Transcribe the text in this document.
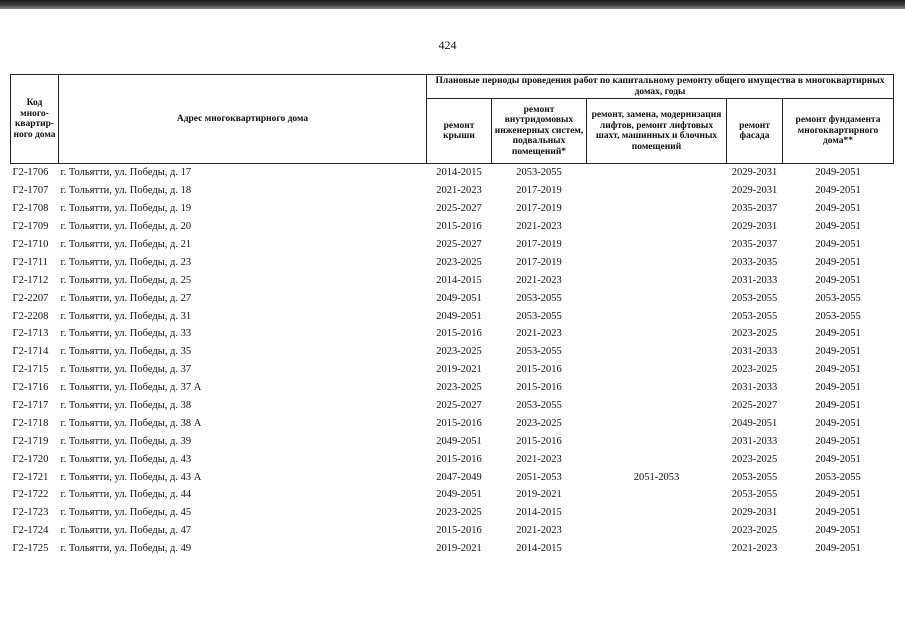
424
Код много-квартир-ного дома	Адрес многоквартирного дома	Плановые периоды проведения работ по капитальному ремонту общего имущества в многоквартирных домах, годы				
		ремонт крыши	ремонт внутридомовых инженерных систем, подвальных помещений*	ремонт, замена, модернизация лифтов, ремонт лифтовых шахт, машинных и блочных помещений	ремонт фасада	ремонт фундамента многоквартирного дома**
Г2-1706	г. Тольятти, ул. Победы, д. 17	2014-2015	2053-2055		2029-2031	2049-2051
Г2-1707	г. Тольятти, ул. Победы, д. 18	2021-2023	2017-2019		2029-2031	2049-2051
Г2-1708	г. Тольятти, ул. Победы, д. 19	2025-2027	2017-2019		2035-2037	2049-2051
Г2-1709	г. Тольятти, ул. Победы, д. 20	2015-2016	2021-2023		2029-2031	2049-2051
Г2-1710	г. Тольятти, ул. Победы, д. 21	2025-2027	2017-2019		2035-2037	2049-2051
Г2-1711	г. Тольятти, ул. Победы, д. 23	2023-2025	2017-2019		2033-2035	2049-2051
Г2-1712	г. Тольятти, ул. Победы, д. 25	2014-2015	2021-2023		2031-2033	2049-2051
Г2-2207	г. Тольятти, ул. Победы, д. 27	2049-2051	2053-2055		2053-2055	2053-2055
Г2-2208	г. Тольятти, ул. Победы, д. 31	2049-2051	2053-2055		2053-2055	2053-2055
Г2-1713	г. Тольятти, ул. Победы, д. 33	2015-2016	2021-2023		2023-2025	2049-2051
Г2-1714	г. Тольятти, ул. Победы, д. 35	2023-2025	2053-2055		2031-2033	2049-2051
Г2-1715	г. Тольятти, ул. Победы, д. 37	2019-2021	2015-2016		2023-2025	2049-2051
Г2-1716	г. Тольятти, ул. Победы, д. 37 А	2023-2025	2015-2016		2031-2033	2049-2051
Г2-1717	г. Тольятти, ул. Победы, д. 38	2025-2027	2053-2055		2025-2027	2049-2051
Г2-1718	г. Тольятти, ул. Победы, д. 38 А	2015-2016	2023-2025		2049-2051	2049-2051
Г2-1719	г. Тольятти, ул. Победы, д. 39	2049-2051	2015-2016		2031-2033	2049-2051
Г2-1720	г. Тольятти, ул. Победы, д. 43	2015-2016	2021-2023		2023-2025	2049-2051
Г2-1721	г. Тольятти, ул. Победы, д. 43 А	2047-2049	2051-2053	2051-2053	2053-2055	2053-2055
Г2-1722	г. Тольятти, ул. Победы, д. 44	2049-2051	2019-2021		2053-2055	2049-2051
Г2-1723	г. Тольятти, ул. Победы, д. 45	2023-2025	2014-2015		2029-2031	2049-2051
Г2-1724	г. Тольятти, ул. Победы, д. 47	2015-2016	2021-2023		2023-2025	2049-2051
Г2-1725	г. Тольятти, ул. Победы, д. 49	2019-2021	2014-2015		2021-2023	2049-2051
